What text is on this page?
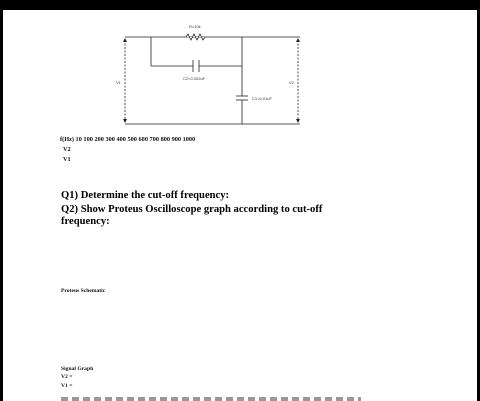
R=10k
C2=0.002uF
C1=0.01uF
V1	V2
f(Hz) 10 100 200 300 400 500 600 700 800 900 1000
V2
V1
Q1) Determine the cut-off frequency:
Q2) Show Proteus Oscilloscope graph according to cut-off
frequency:
Proteus Schematic
Signal Graph
V2 =
V1 =
